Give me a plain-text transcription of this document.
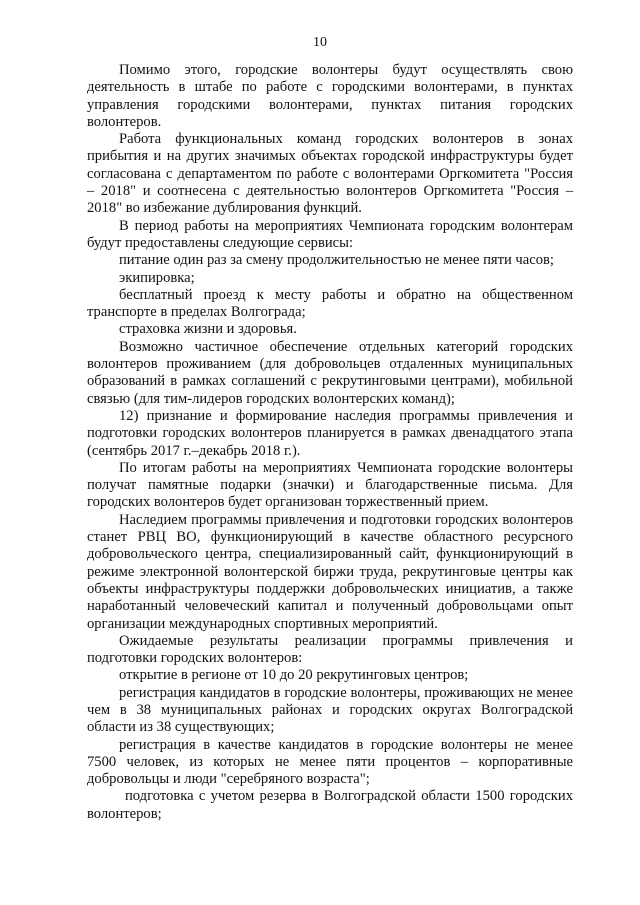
10

Помимо этого, городские волонтеры будут осуществлять свою деятельность в штабе по работе с городскими волонтерами, в пунктах управления городскими волонтерами, пунктах питания городских волонтеров.

Работа функциональных команд городских волонтеров в зонах прибытия и на других значимых объектах городской инфраструктуры будет согласована с департаментом по работе с волонтерами Оргкомитета "Россия – 2018" и соотнесена с деятельностью волонтеров Оргкомитета "Россия – 2018" во избежание дублирования функций.

В период работы на мероприятиях Чемпионата городским волонтерам будут предоставлены следующие сервисы:

питание один раз за смену продолжительностью не менее пяти часов;

экипировка;

бесплатный проезд к месту работы и обратно на общественном транспорте в пределах Волгограда;

страховка жизни и здоровья.

Возможно частичное обеспечение отдельных категорий городских волонтеров проживанием (для добровольцев отдаленных муниципальных образований в рамках соглашений с рекрутинговыми центрами), мобильной связью (для тим-лидеров городских волонтерских команд);

12) признание и формирование наследия программы привлечения и подготовки городских волонтеров планируется в рамках двенадцатого этапа (сентябрь 2017 г.–декабрь 2018 г.).

По итогам работы на мероприятиях Чемпионата городские волонтеры получат памятные подарки (значки) и благодарственные письма. Для городских волонтеров будет организован торжественный прием.

Наследием программы привлечения и подготовки городских волонтеров станет РВЦ ВО, функционирующий в качестве областного ресурсного добровольческого центра, специализированный сайт, функционирующий в режиме электронной волонтерской биржи труда, рекрутинговые центры как объекты инфраструктуры поддержки добровольческих инициатив, а также наработанный человеческий капитал и полученный добровольцами опыт организации международных спортивных мероприятий.

Ожидаемые результаты реализации программы привлечения и подготовки городских волонтеров:

открытие в регионе от 10 до 20 рекрутинговых центров;

регистрация кандидатов в городские волонтеры, проживающих не менее чем в 38 муниципальных районах и городских округах Волгоградской области из 38 существующих;

регистрация в качестве кандидатов в городские волонтеры не менее 7500 человек, из которых не менее пяти процентов – корпоративные добровольцы и люди "серебряного возраста";

подготовка с учетом резерва в Волгоградской области 1500 городских волонтеров;
